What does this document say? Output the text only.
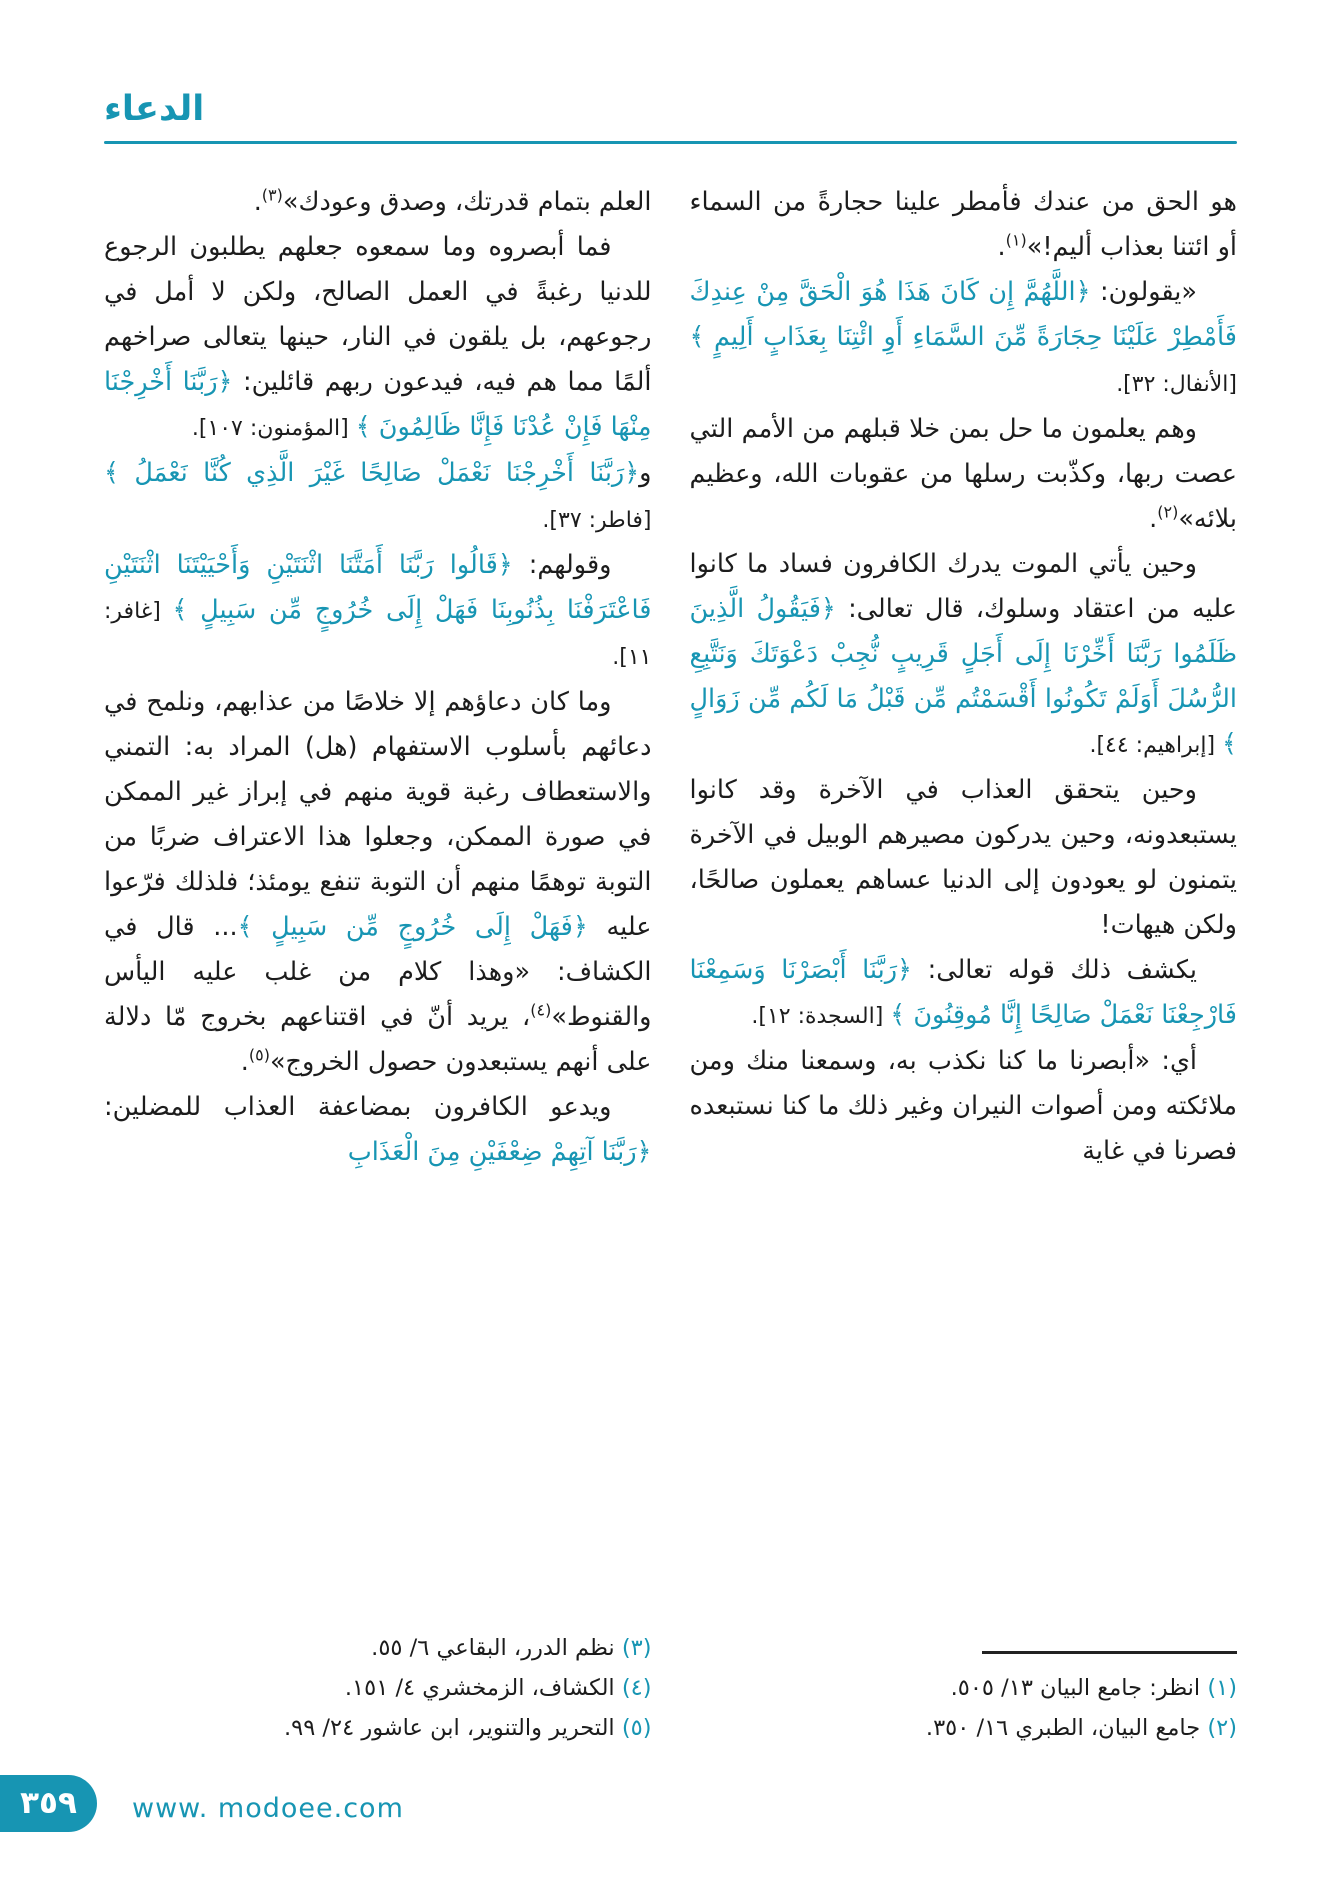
الدعاء

هو الحق من عندك فأمطر علينا حجارةً من السماء أو ائتنا بعذاب أليم!»$^{(١)}$.

«يقولون: ﴿اللَّهُمَّ إِن كَانَ هَذَا هُوَ الْحَقَّ مِنْ عِندِكَ فَأَمْطِرْ عَلَيْنَا حِجَارَةً مِّنَ السَّمَاءِ أَوِ ائْتِنَا بِعَذَابٍ أَلِيمٍ ﴾ [الأنفال: ٣٢].

وهم يعلمون ما حل بمن خلا قبلهم من الأمم التي عصت ربها، وكذّبت رسلها من عقوبات الله، وعظيم بلائه»$^{(٢)}$.

وحين يأتي الموت يدرك الكافرون فساد ما كانوا عليه من اعتقاد وسلوك، قال تعالى: ﴿فَيَقُولُ الَّذِينَ ظَلَمُوا رَبَّنَا أَخِّرْنَا إِلَى أَجَلٍ قَرِيبٍ نُّجِبْ دَعْوَتَكَ وَنَتَّبِعِ الرُّسُلَ أَوَلَمْ تَكُونُوا أَقْسَمْتُم مِّن قَبْلُ مَا لَكُم مِّن زَوَالٍ ﴾ [إبراهيم: ٤٤].

وحين يتحقق العذاب في الآخرة وقد كانوا يستبعدونه، وحين يدركون مصيرهم الوبيل في الآخرة يتمنون لو يعودون إلى الدنيا عساهم يعملون صالحًا، ولكن هيهات!

يكشف ذلك قوله تعالى: ﴿رَبَّنَا أَبْصَرْنَا وَسَمِعْنَا فَارْجِعْنَا نَعْمَلْ صَالِحًا إِنَّا مُوقِنُونَ ﴾ [السجدة: ١٢].

أي: «أبصرنا ما كنا نكذب به، وسمعنا منك ومن ملائكته ومن أصوات النيران وغير ذلك ما كنا نستبعده فصرنا في غاية

(١) انظر: جامع البيان ١٣/ ٥٠٥.

(٢) جامع البيان، الطبري ١٦/ ٣٥٠.

العلم بتمام قدرتك، وصدق وعودك»$^{(٣)}$.

فما أبصروه وما سمعوه جعلهم يطلبون الرجوع للدنيا رغبةً في العمل الصالح، ولكن لا أمل في رجوعهم، بل يلقون في النار، حينها يتعالى صراخهم ألمًا مما هم فيه، فيدعون ربهم قائلين: ﴿رَبَّنَا أَخْرِجْنَا مِنْهَا فَإِنْ عُدْنَا فَإِنَّا ظَالِمُونَ ﴾ [المؤمنون: ١٠٧].

و﴿رَبَّنَا أَخْرِجْنَا نَعْمَلْ صَالِحًا غَيْرَ الَّذِي كُنَّا نَعْمَلُ ﴾ [فاطر: ٣٧].

وقولهم: ﴿قَالُوا رَبَّنَا أَمَتَّنَا اثْنَتَيْنِ وَأَحْيَيْتَنَا اثْنَتَيْنِ فَاعْتَرَفْنَا بِذُنُوبِنَا فَهَلْ إِلَى خُرُوجٍ مِّن سَبِيلٍ ﴾ [غافر: ١١].

وما كان دعاؤهم إلا خلاصًا من عذابهم، ونلمح في دعائهم بأسلوب الاستفهام (هل) المراد به: التمني والاستعطاف رغبة قوية منهم في إبراز غير الممكن في صورة الممكن، وجعلوا هذا الاعتراف ضربًا من التوبة توهمًا منهم أن التوبة تنفع يومئذ؛ فلذلك فرّعوا عليه ﴿فَهَلْ إِلَى خُرُوجٍ مِّن سَبِيلٍ ﴾... قال في الكشاف: «وهذا كلام من غلب عليه اليأس والقنوط»$^{(٤)}$، يريد أنّ في اقتناعهم بخروج مّا دلالة على أنهم يستبعدون حصول الخروج»$^{(٥)}$.

ويدعو الكافرون بمضاعفة العذاب للمضلين: ﴿رَبَّنَا آتِهِمْ ضِعْفَيْنِ مِنَ الْعَذَابِ

(٣) نظم الدرر، البقاعي ٦/ ٥٥.

(٤) الكشاف، الزمخشري ٤/ ١٥١.

(٥) التحرير والتنوير، ابن عاشور ٢٤/ ٩٩.

٣٥٩ www. modoee.com
